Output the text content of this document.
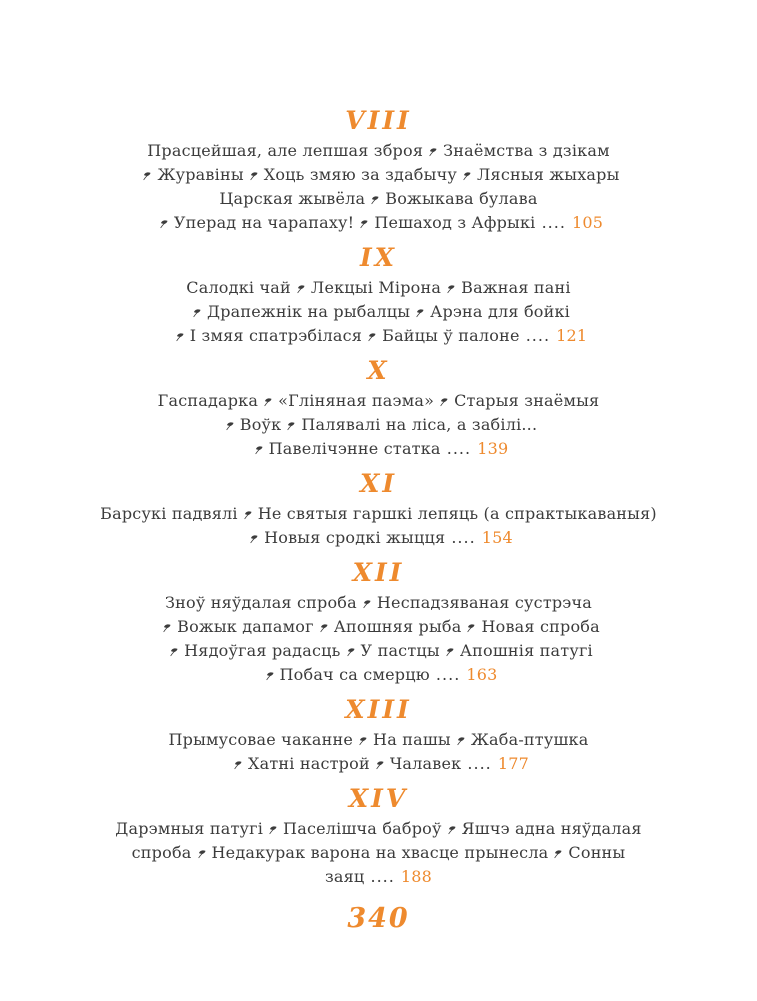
VIII
Прасцейшая, але лепшая зброя Знаёмства з дзікам
Журавіны Хоць змяю за здабычу Лясныя жыхары
Царская жывёла Вожыкава булава
Уперад на чарапаху! Пешаход з Афрыкі .... 105
IX
Салодкі чай Лекцыі Мірона Важная пані
Драпежнік на рыбалцы Арэна для бойкі
І змяя спатрэбілася Байцы ў палоне .... 121
X
Гаспадарка «Гліняная паэма» Старыя знаёмыя
Воўк Палявалі на ліса, а забілі...
Павелічэнне статка .... 139
XI
Барсукі падвялі Не святыя гаршкі лепяць (а спрактыкаваныя)
Новыя сродкі жыцця .... 154
XII
Зноў няўдалая спроба Неспадзяваная сустрэча
Вожык дапамог Апошняя рыба Новая спроба
Нядоўгая радасць У пастцы Апошнія патугі
Побач са смерцю .... 163
XIII
Прымусовае чаканне На пашы Жаба-птушка
Хатні настрой Чалавек .... 177
XIV
Дарэмныя патугі Паселішча баброў Яшчэ адна няўдалая
спроба Недакурак варона на хвасце прынесла Сонны
заяц .... 188
340
